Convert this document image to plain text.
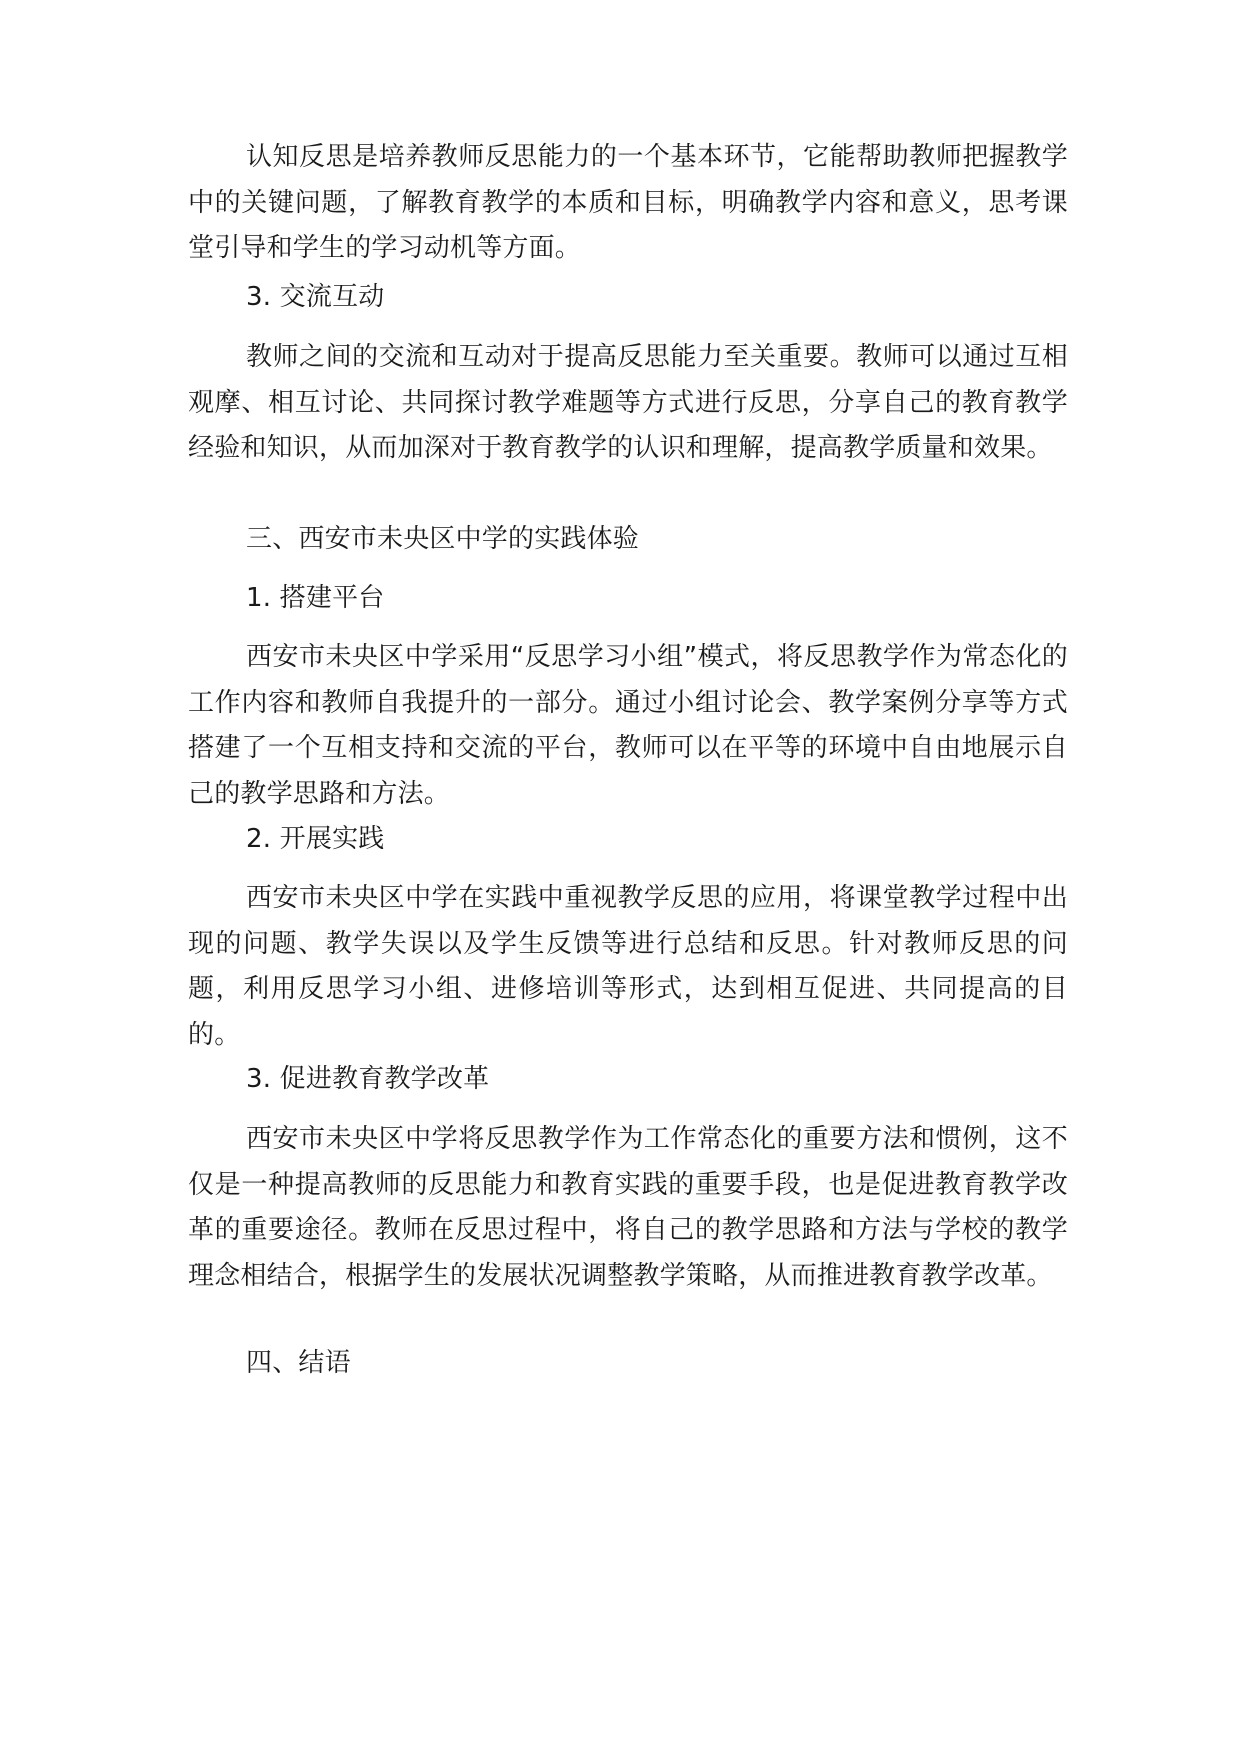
认知反思是培养教师反思能力的一个基本环节，它能帮助教师把握教学中的关键问题，了解教育教学的本质和目标，明确教学内容和意义，思考课堂引导和学生的学习动机等方面。

3. 交流互动

教师之间的交流和互动对于提高反思能力至关重要。教师可以通过互相观摩、相互讨论、共同探讨教学难题等方式进行反思，分享自己的教育教学经验和知识，从而加深对于教育教学的认识和理解，提高教学质量和效果。

三、西安市未央区中学的实践体验

1. 搭建平台

西安市未央区中学采用“反思学习小组”模式，将反思教学作为常态化的工作内容和教师自我提升的一部分。通过小组讨论会、教学案例分享等方式搭建了一个互相支持和交流的平台，教师可以在平等的环境中自由地展示自己的教学思路和方法。

2. 开展实践

西安市未央区中学在实践中重视教学反思的应用，将课堂教学过程中出现的问题、教学失误以及学生反馈等进行总结和反思。针对教师反思的问题，利用反思学习小组、进修培训等形式，达到相互促进、共同提高的目的。

3. 促进教育教学改革

西安市未央区中学将反思教学作为工作常态化的重要方法和惯例，这不仅是一种提高教师的反思能力和教育实践的重要手段，也是促进教育教学改革的重要途径。教师在反思过程中，将自己的教学思路和方法与学校的教学理念相结合，根据学生的发展状况调整教学策略，从而推进教育教学改革。

四、结语
